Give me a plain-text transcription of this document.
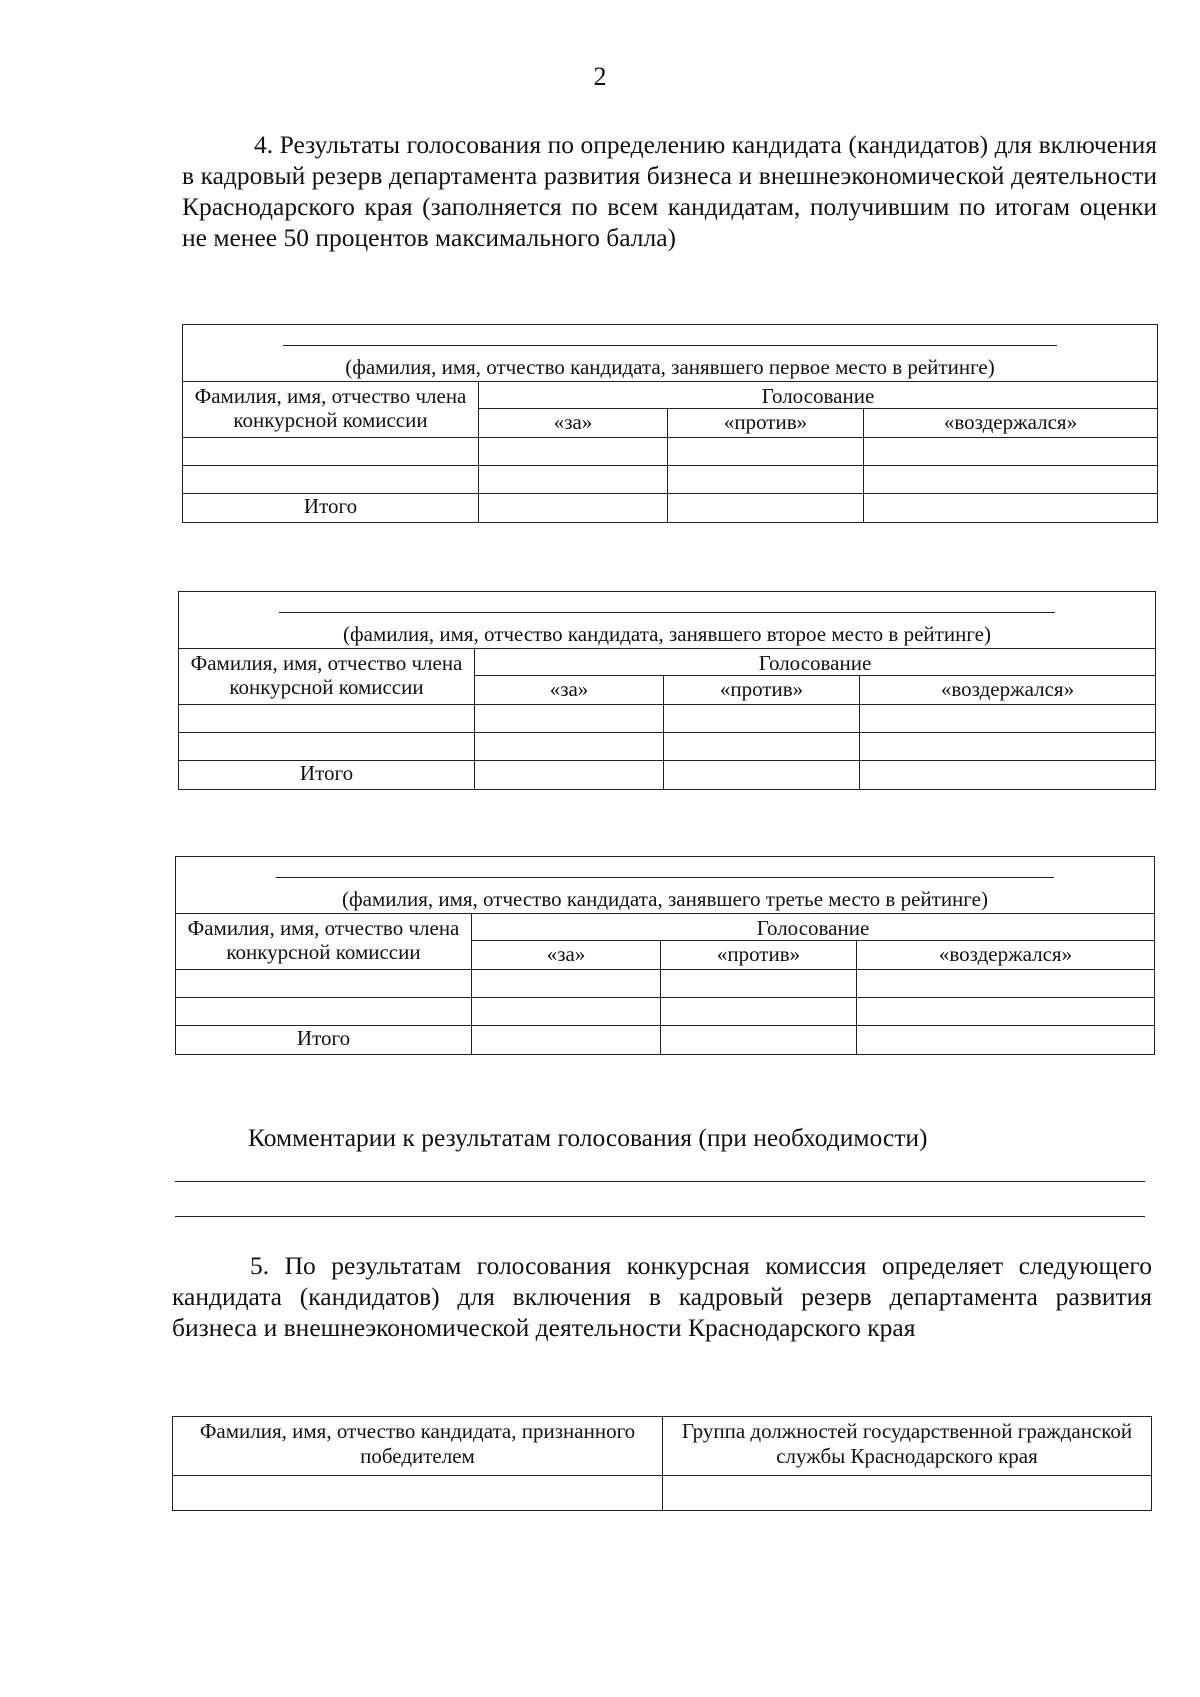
2

4. Результаты голосования по определению кандидата (кандидатов) для включения в кадровый резерв департамента развития бизнеса и внешнеэкономической деятельности Краснодарского края (заполняется по всем кандидатам, получившим по итогам оценки не менее 50 процентов максимального балла)

(фамилия, имя, отчество кандидата, занявшего первое место в рейтинге)			
Фамилия, имя, отчество члена конкурсной комиссии	Голосование		
	«за»	«против»	«воздержался»

Итого			
(фамилия, имя, отчество кандидата, занявшего второе место в рейтинге)			
Фамилия, имя, отчество члена конкурсной комиссии	Голосование		
	«за»	«против»	«воздержался»

Итого			
(фамилия, имя, отчество кандидата, занявшего третье место в рейтинге)			
Фамилия, имя, отчество члена конкурсной комиссии	Голосование		
	«за»	«против»	«воздержался»

Итого			

Комментарии к результатам голосования (при необходимости)

5. По результатам голосования конкурсная комиссия определяет следующего кандидата (кандидатов) для включения в кадровый резерв департамента развития бизнеса и внешнеэкономической деятельности Краснодарского края

Фамилия, имя, отчество кандидата, признанного победителем	Группа должностей государственной гражданской службы Краснодарского края
